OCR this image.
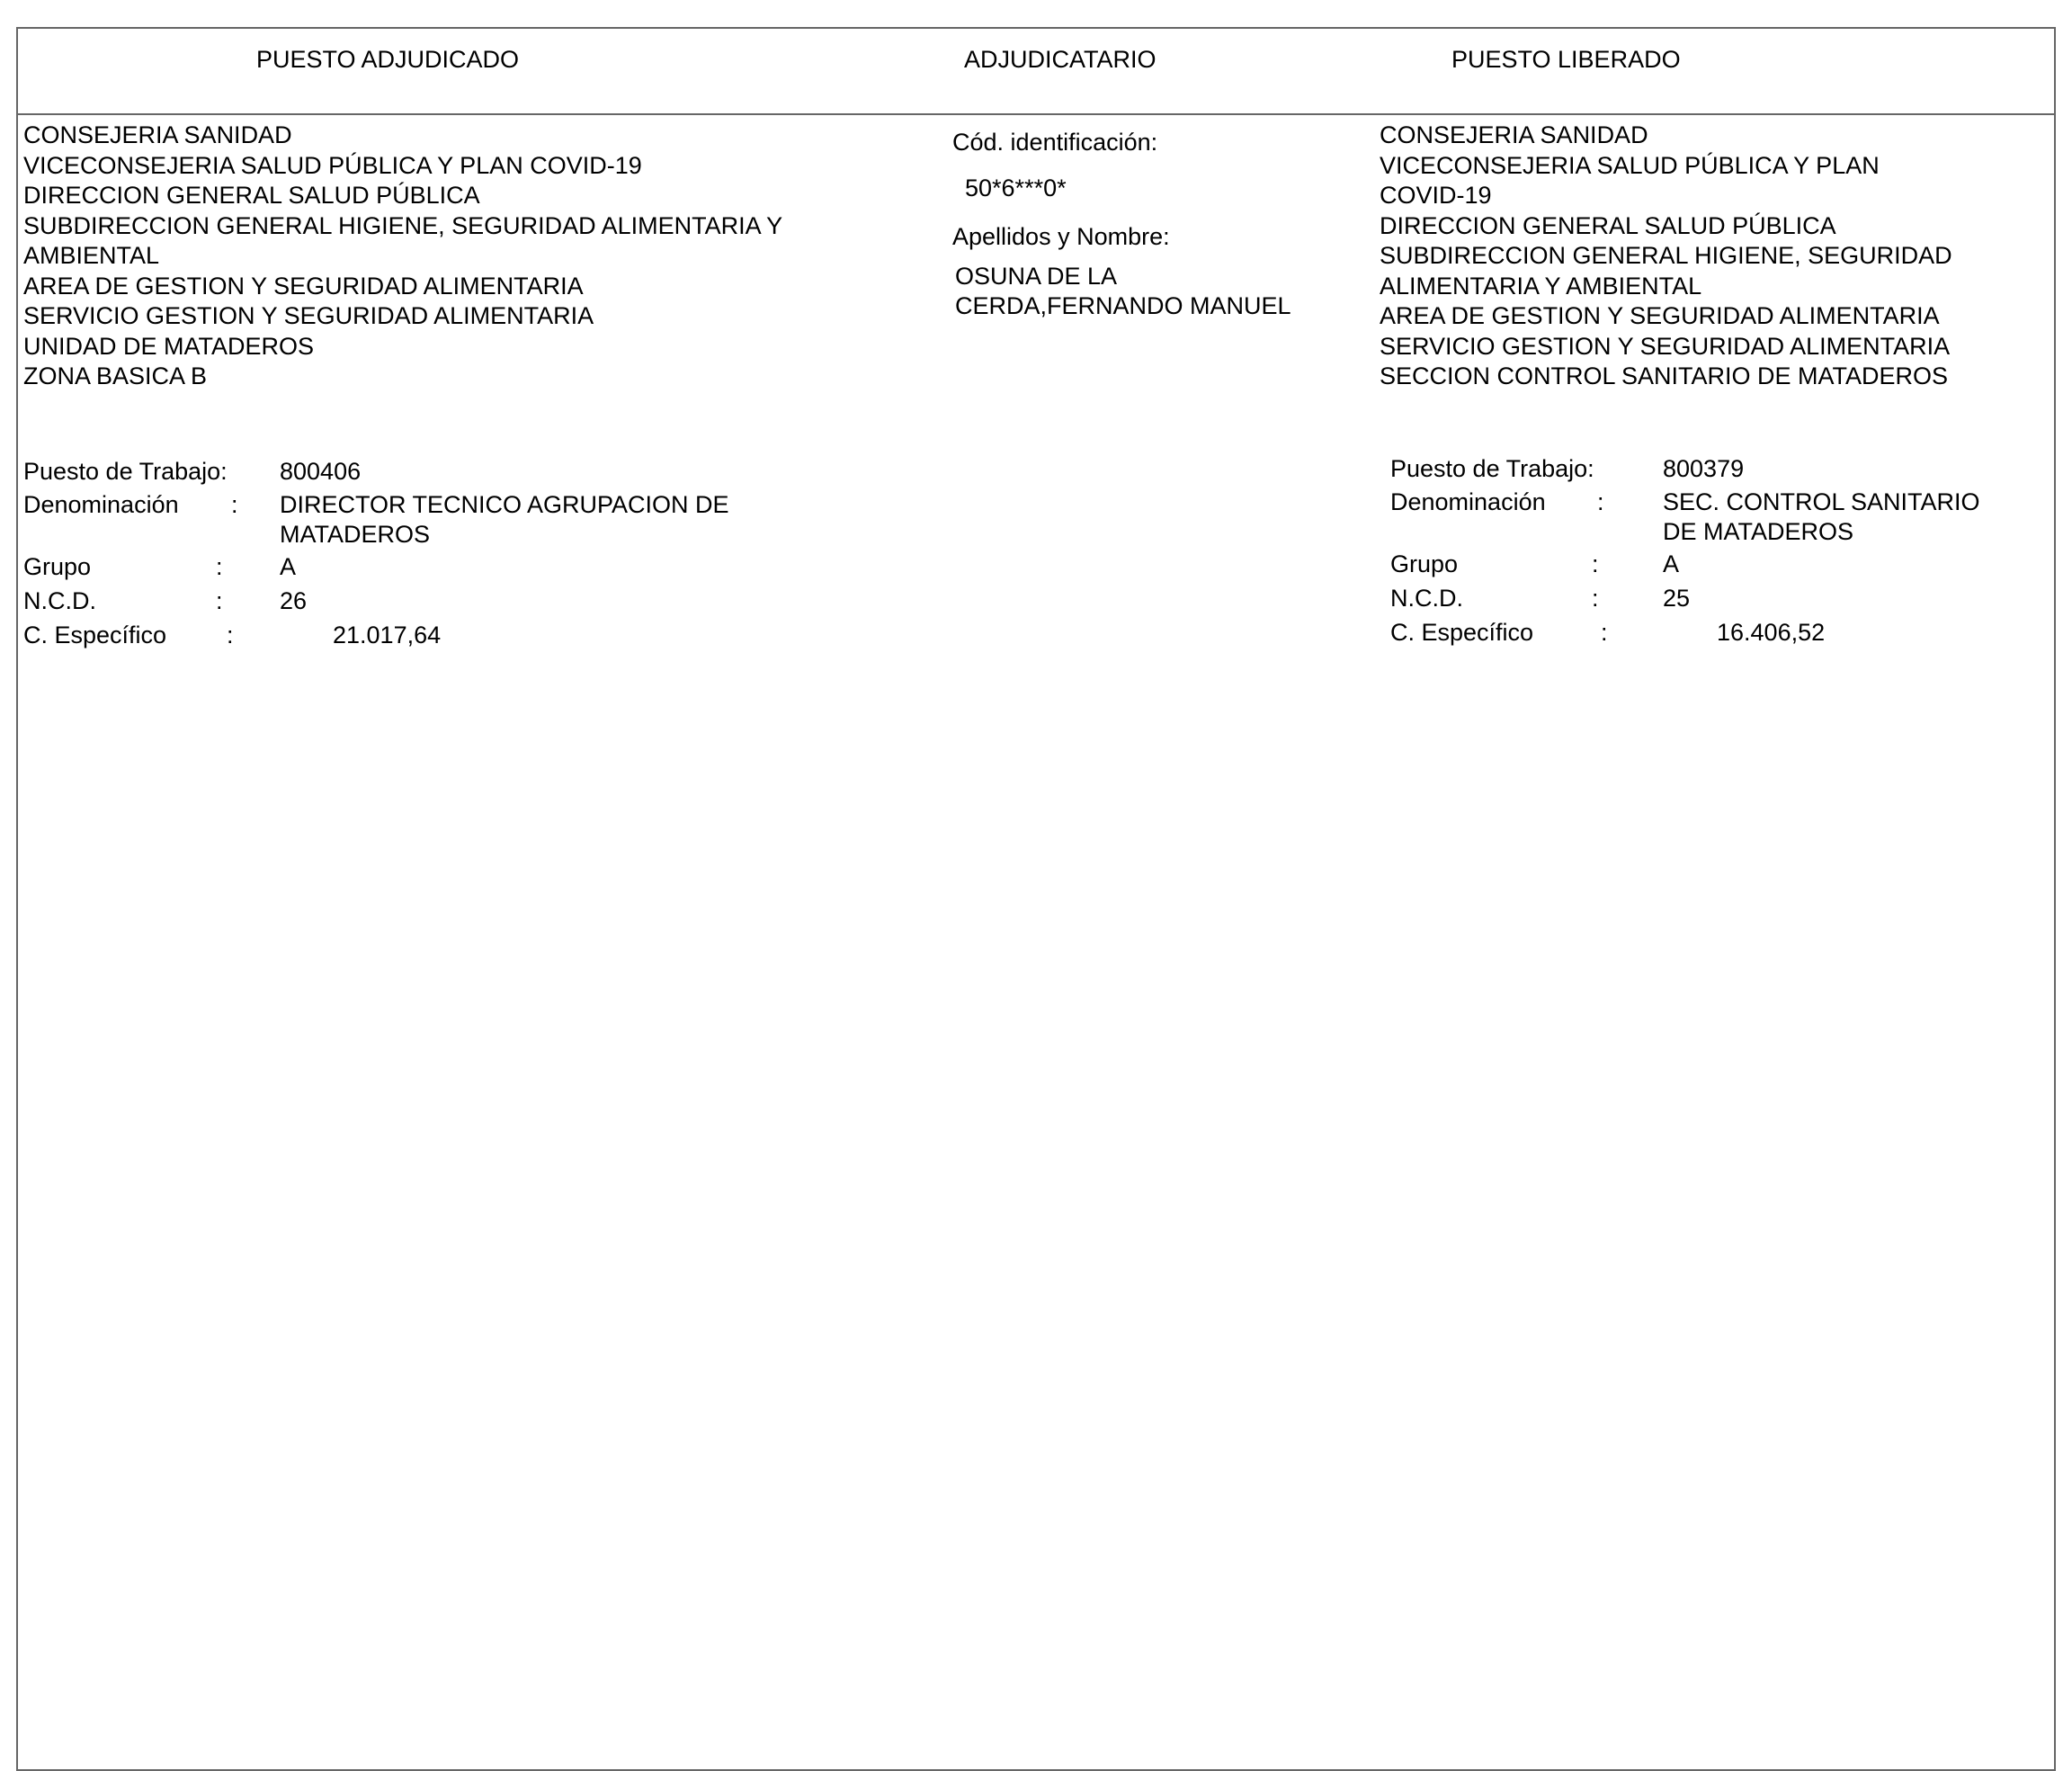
PUESTO ADJUDICADO	ADJUDICATARIO	PUESTO LIBERADO
CONSEJERIA SANIDAD
VICECONSEJERIA SALUD PÚBLICA Y PLAN COVID-19
DIRECCION GENERAL SALUD PÚBLICA
SUBDIRECCION GENERAL HIGIENE, SEGURIDAD ALIMENTARIA Y
AMBIENTAL
AREA DE GESTION Y SEGURIDAD ALIMENTARIA
SERVICIO GESTION Y SEGURIDAD ALIMENTARIA
UNIDAD DE MATADEROS
ZONA BASICA B
Puesto de Trabajo: 800406
Denominación : DIRECTOR TECNICO AGRUPACION DE
MATADEROS
Grupo	: A
N.C.D.	: 26
C. Específico :	21.017,64
Cód. identificación:
50*6***0*
Apellidos y Nombre:
OSUNA DE LA
CERDA,FERNANDO MANUEL
CONSEJERIA SANIDAD
VICECONSEJERIA SALUD PÚBLICA Y PLAN
COVID-19
DIRECCION GENERAL SALUD PÚBLICA
SUBDIRECCION GENERAL HIGIENE, SEGURIDAD
ALIMENTARIA Y AMBIENTAL
AREA DE GESTION Y SEGURIDAD ALIMENTARIA
SERVICIO GESTION Y SEGURIDAD ALIMENTARIA
SECCION CONTROL SANITARIO DE MATADEROS
Puesto de Trabajo:	800379
Denominación : SEC. CONTROL SANITARIO
DE MATADEROS
Grupo	:	A
N.C.D.	:	25
C. Específico	:	16.406,52
